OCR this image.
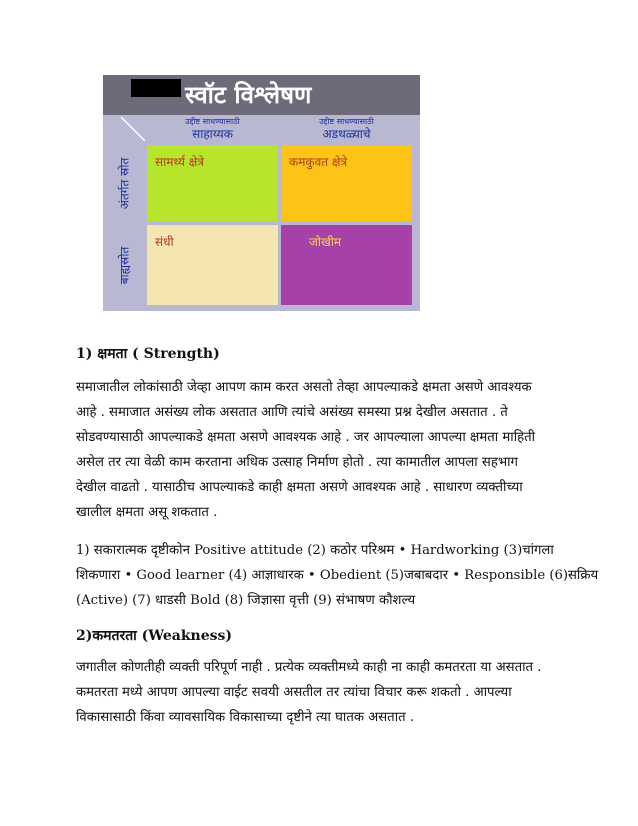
स्वॉट विश्लेषण
उद्दीष्ट साधण्यासाठी
साहाय्यक
उद्दीष्ट साधण्यासाठी
अडथळ्याचे
अंतर्गत स्रोत
बाह्यस्रोत
सामर्थ्य क्षेत्रे	कमकुवत क्षेत्रे
संधी	जोखीम
1) क्षमता ( Strength)

समाजातील लोकांसाठी जेव्हा आपण काम करत असतो तेव्हा आपल्याकडे क्षमता असणे आवश्यक

आहे . समाजात असंख्य लोक असतात आणि त्यांचे असंख्य समस्या प्रश्न देखील असतात . ते

सोडवण्यासाठी आपल्याकडे क्षमता असणे आवश्यक आहे . जर आपल्याला आपल्या क्षमता माहिती

असेल तर त्या वेळी काम करताना अधिक उत्साह निर्माण होतो . त्या कामातील आपला सहभाग

देखील वाढतो . यासाठीच आपल्याकडे काही क्षमता असणे आवश्यक आहे . साधारण व्यक्तीच्या

खालील क्षमता असू शकतात .

1) सकारात्मक दृष्टीकोन Positive attitude (2) कठोर परिश्रम • Hardworking (3)चांगला

शिकणारा • Good learner (4) आज्ञाधारक • Obedient (5)जबाबदार • Responsible (6)सक्रिय

(Active) (7) धाडसी Bold (8) जिज्ञासा वृत्ती (9) संभाषण कौशल्य

2)कमतरता (Weakness)

जगातील कोणतीही व्यक्ती परिपूर्ण नाही . प्रत्येक व्यक्तीमध्ये काही ना काही कमतरता या असतात .

कमतरता मध्ये आपण आपल्या वाईट सवयी असतील तर त्यांचा विचार करू शकतो . आपल्या

विकासासाठी किंवा व्यावसायिक विकासाच्या दृष्टीने त्या घातक असतात .
